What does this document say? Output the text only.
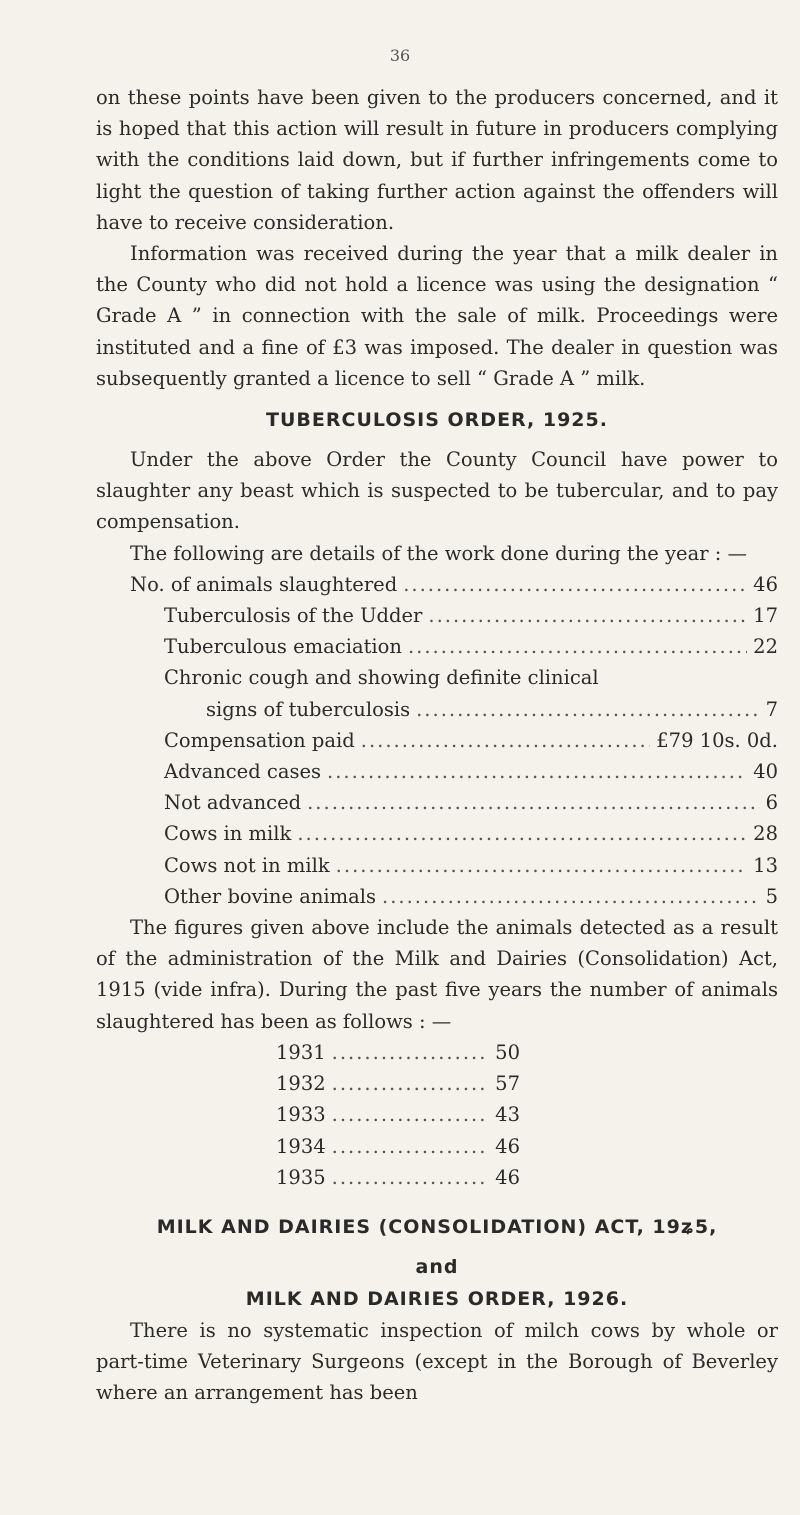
36

on these points have been given to the producers concerned, and it is hoped that this action will result in future in producers complying with the conditions laid down, but if further infringements come to light the question of taking further action against the offenders will have to receive consideration.

Information was received during the year that a milk dealer in the County who did not hold a licence was using the designation “ Grade A ” in connection with the sale of milk. Proceedings were instituted and a fine of £3 was imposed. The dealer in question was subsequently granted a licence to sell “ Grade A ” milk.

TUBERCULOSIS ORDER, 1925.

Under the above Order the County Council have power to slaughter any beast which is suspected to be tubercular, and to pay compensation.

The following are details of the work done during the year : —

No. of animals slaughtered .....	46
Tuberculosis of the Udder .....	17
Tuberculous emaciation .....	22
Chronic cough and showing definite clinical
signs of tuberculosis .....	7
Compensation paid .....	£79 10s. 0d.
Advanced cases .....	40
Not advanced .....	6
Cows in milk .....	28
Cows not in milk .....	13
Other bovine animals .....	5

The figures given above include the animals detected as a result of the administration of the Milk and Dairies (Consolidation) Act, 1915 (vide infra). During the past five years the number of animals slaughtered has been as follows : —

1931 .....	50
1932 .....	57
1933 .....	43
1934 .....	46
1935 .....	46
MILK AND DAIRIES (CONSOLIDATION) ACT, 19ʑ5,
and
MILK AND DAIRIES ORDER, 1926.

There is no systematic inspection of milch cows by whole or part-time Veterinary Surgeons (except in the Borough of Beverley where an arrangement has been
